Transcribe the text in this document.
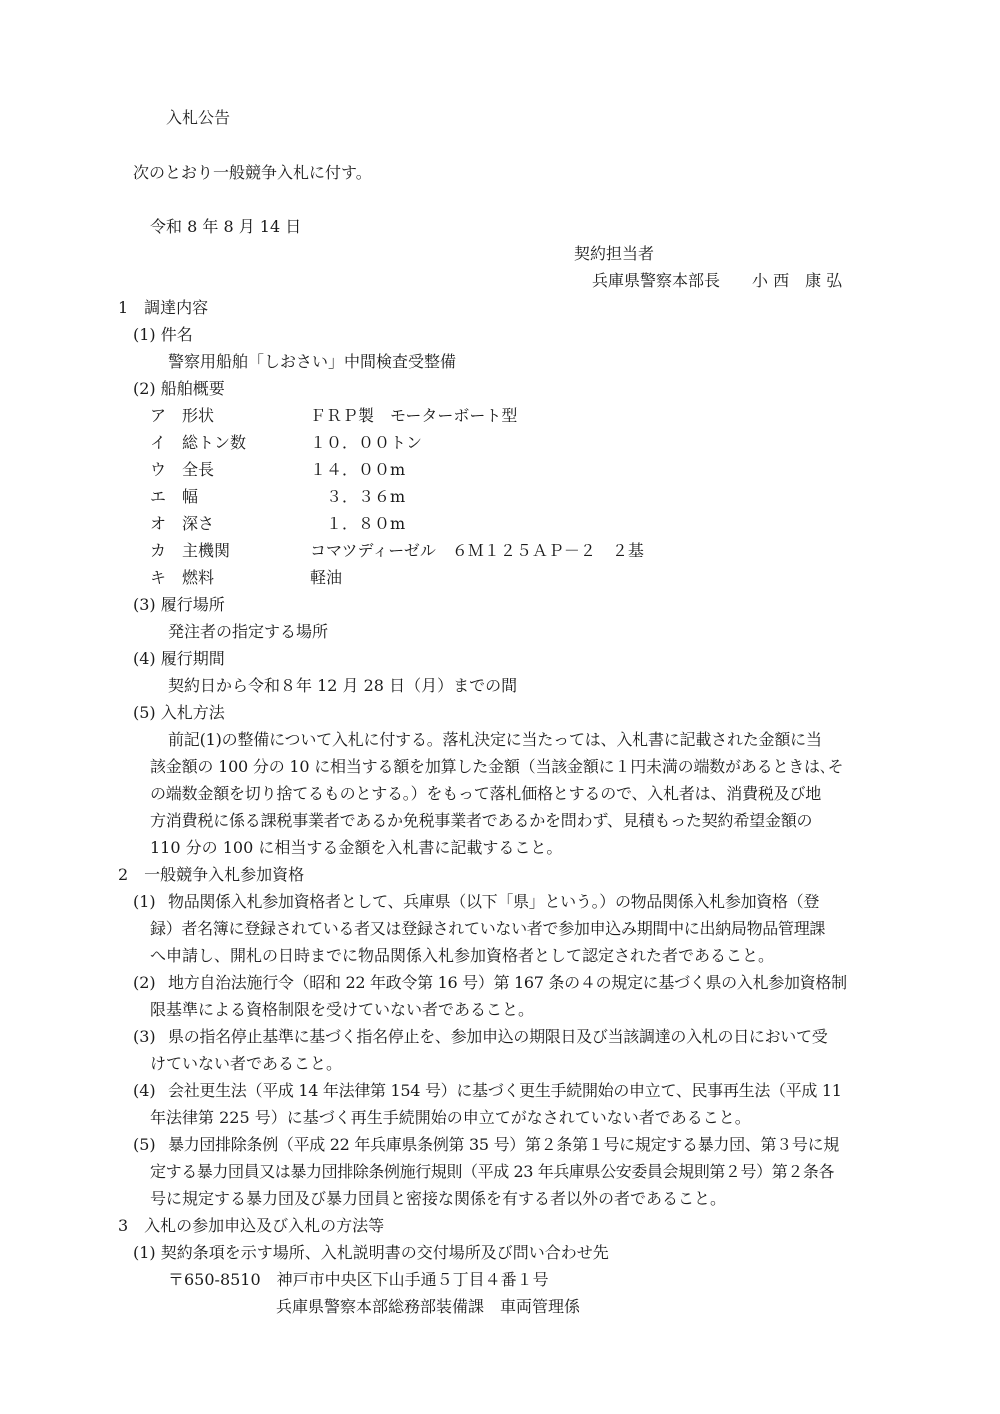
入札公告
次のとおり一般競争入札に付す。
令和 8 年 8 月 14 日
契約担当者
兵庫県警察本部長　　小 西　康 弘
1　調達内容
(1) 件名
警察用船舶「しおさい」中間検査受整備
(2) 船舶概要
ア　形状	ＦＲＰ製　モーターボート型
イ　総トン数	１０．００トン
ウ　全長	１４．００m
エ　幅	　３．３６m
オ　深さ	　１．８０m
カ　主機関	コマツディーゼル　６Ｍ１２５ＡＰ－２　２基
キ　燃料	軽油
(3) 履行場所
発注者の指定する場所
(4) 履行期間
契約日から令和８年 12 月 28 日（月）までの間
(5) 入札方法
前記(1)の整備について入札に付する。落札決定に当たっては、入札書に記載された金額に当
該金額の 100 分の 10 に相当する額を加算した金額（当該金額に１円未満の端数があるときは､そ
の端数金額を切り捨てるものとする。）をもって落札価格とするので、入札者は、消費税及び地
方消費税に係る課税事業者であるか免税事業者であるかを問わず、見積もった契約希望金額の
110 分の 100 に相当する金額を入札書に記載すること。
2　一般競争入札参加資格
(1) 物品関係入札参加資格者として、兵庫県（以下「県」という。）の物品関係入札参加資格（登
録）者名簿に登録されている者又は登録されていない者で参加申込み期間中に出納局物品管理課
へ申請し、開札の日時までに物品関係入札参加資格者として認定された者であること。
(2) 地方自治法施行令（昭和 22 年政令第 16 号）第 167 条の４の規定に基づく県の入札参加資格制
限基準による資格制限を受けていない者であること。
(3) 県の指名停止基準に基づく指名停止を、参加申込の期限日及び当該調達の入札の日において受
けていない者であること。
(4) 会社更生法（平成 14 年法律第 154 号）に基づく更生手続開始の申立て、民事再生法（平成 11
年法律第 225 号）に基づく再生手続開始の申立てがなされていない者であること。
(5) 暴力団排除条例（平成 22 年兵庫県条例第 35 号）第２条第１号に規定する暴力団、第３号に規
定する暴力団員又は暴力団排除条例施行規則（平成 23 年兵庫県公安委員会規則第２号）第２条各
号に規定する暴力団及び暴力団員と密接な関係を有する者以外の者であること。
3　入札の参加申込及び入札の方法等
(1) 契約条項を示す場所、入札説明書の交付場所及び問い合わせ先
〒650-8510　神戸市中央区下山手通５丁目４番１号
兵庫県警察本部総務部装備課　車両管理係
